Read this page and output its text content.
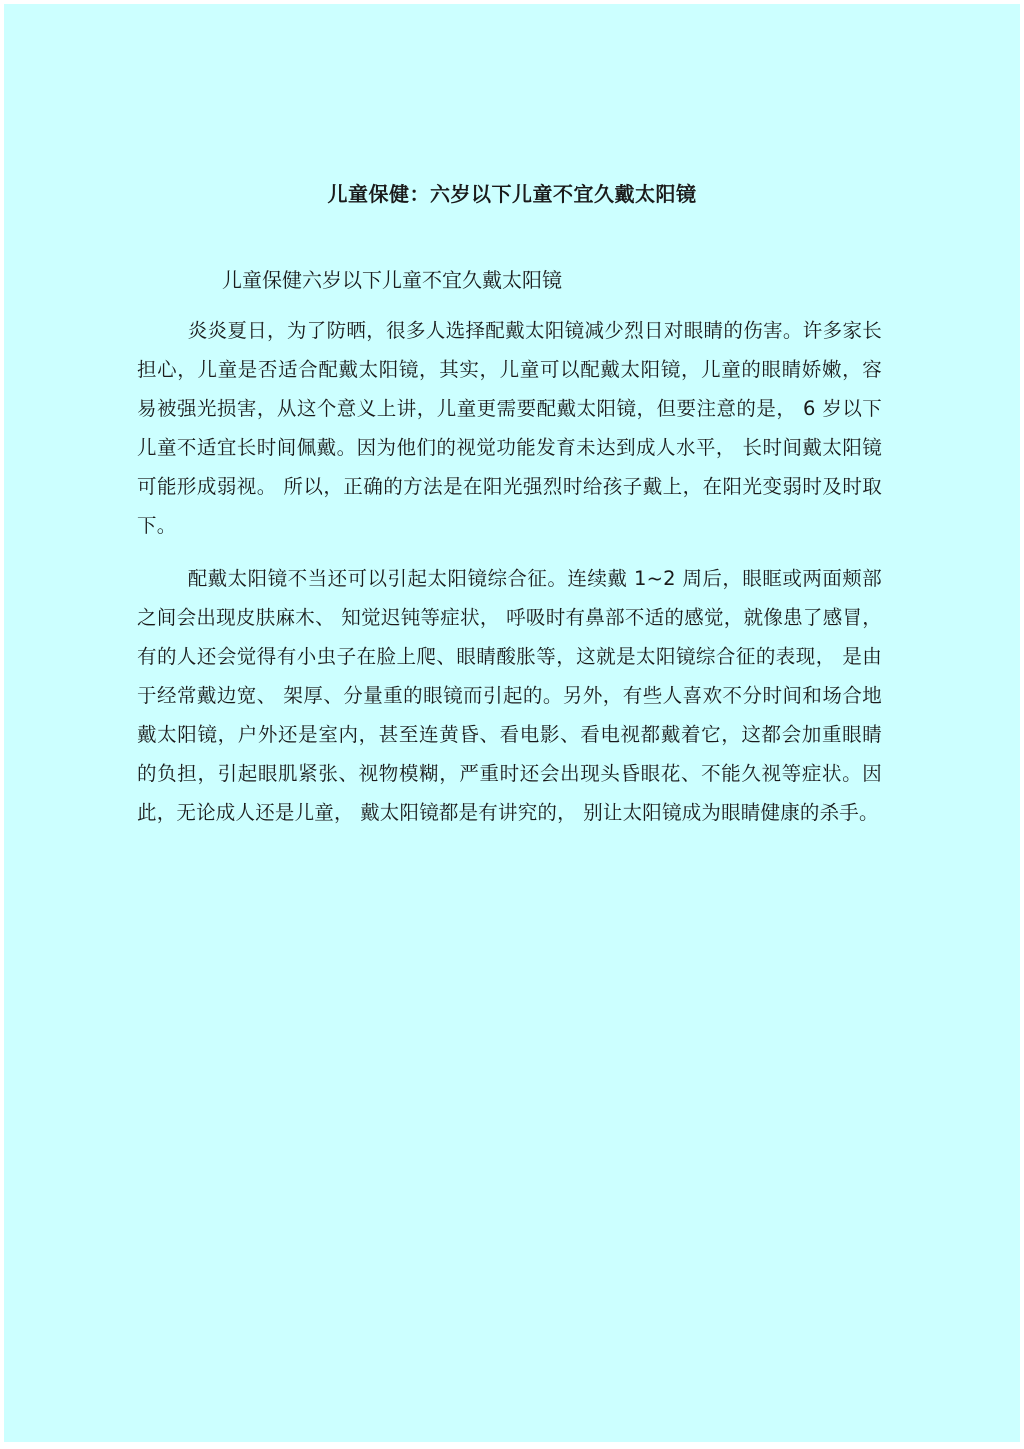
儿童保健：六岁以下儿童不宜久戴太阳镜
儿童保健六岁以下儿童不宜久戴太阳镜

炎炎夏日，为了防晒，很多人选择配戴太阳镜减少烈日对眼睛的伤害。许多家长担心，儿童是否适合配戴太阳镜，其实，儿童可以配戴太阳镜，儿童的眼睛娇嫩，容易被强光损害，从这个意义上讲，儿童更需要配戴太阳镜，但要注意的是， 6 岁以下儿童不适宜长时间佩戴。因为他们的视觉功能发育未达到成人水平， 长时间戴太阳镜可能形成弱视。 所以，正确的方法是在阳光强烈时给孩子戴上，在阳光变弱时及时取下。

配戴太阳镜不当还可以引起太阳镜综合征。连续戴 1~2 周后，眼眶或两面颊部之间会出现皮肤麻木、 知觉迟钝等症状， 呼吸时有鼻部不适的感觉，就像患了感冒，有的人还会觉得有小虫子在脸上爬、眼睛酸胀等，这就是太阳镜综合征的表现， 是由于经常戴边宽、 架厚、分量重的眼镜而引起的。另外，有些人喜欢不分时间和场合地戴太阳镜，户外还是室内，甚至连黄昏、看电影、看电视都戴着它，这都会加重眼睛的负担，引起眼肌紧张、视物模糊，严重时还会出现头昏眼花、不能久视等症状。因此，无论成人还是儿童， 戴太阳镜都是有讲究的， 别让太阳镜成为眼睛健康的杀手。
